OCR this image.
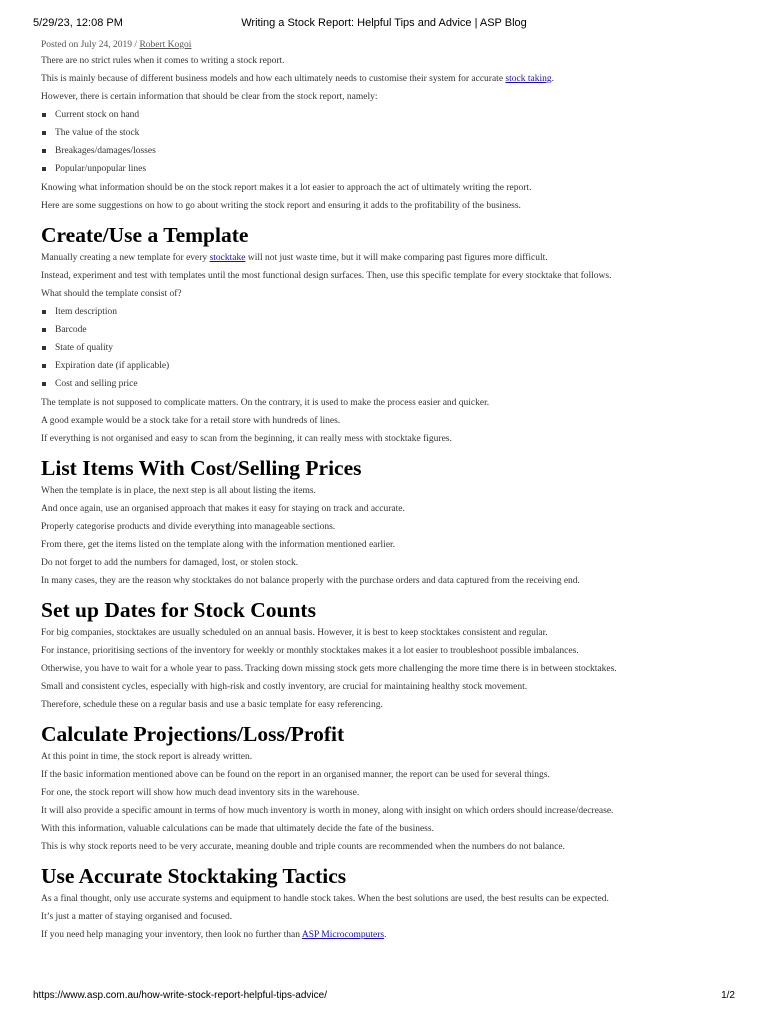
5/29/23, 12:08 PM	Writing a Stock Report: Helpful Tips and Advice | ASP Blog

Posted on July 24, 2019 / Robert Kogoi

There are no strict rules when it comes to writing a stock report.

This is mainly because of different business models and how each ultimately needs to customise their system for accurate stock taking.

However, there is certain information that should be clear from the stock report, namely:

Current stock on hand
The value of the stock
Breakages/damages/losses
Popular/unpopular lines

Knowing what information should be on the stock report makes it a lot easier to approach the act of ultimately writing the report.

Here are some suggestions on how to go about writing the stock report and ensuring it adds to the profitability of the business.

Create/Use a Template

Manually creating a new template for every stocktake will not just waste time, but it will make comparing past figures more difficult.

Instead, experiment and test with templates until the most functional design surfaces. Then, use this specific template for every stocktake that follows.

What should the template consist of?

Item description
Barcode
State of quality
Expiration date (if applicable)
Cost and selling price

The template is not supposed to complicate matters. On the contrary, it is used to make the process easier and quicker.

A good example would be a stock take for a retail store with hundreds of lines.

If everything is not organised and easy to scan from the beginning, it can really mess with stocktake figures.

List Items With Cost/Selling Prices

When the template is in place, the next step is all about listing the items.

And once again, use an organised approach that makes it easy for staying on track and accurate.

Properly categorise products and divide everything into manageable sections.

From there, get the items listed on the template along with the information mentioned earlier.

Do not forget to add the numbers for damaged, lost, or stolen stock.

In many cases, they are the reason why stocktakes do not balance properly with the purchase orders and data captured from the receiving end.

Set up Dates for Stock Counts

For big companies, stocktakes are usually scheduled on an annual basis. However, it is best to keep stocktakes consistent and regular.

For instance, prioritising sections of the inventory for weekly or monthly stocktakes makes it a lot easier to troubleshoot possible imbalances.

Otherwise, you have to wait for a whole year to pass. Tracking down missing stock gets more challenging the more time there is in between stocktakes.

Small and consistent cycles, especially with high-risk and costly inventory, are crucial for maintaining healthy stock movement.

Therefore, schedule these on a regular basis and use a basic template for easy referencing.

Calculate Projections/Loss/Profit

At this point in time, the stock report is already written.

If the basic information mentioned above can be found on the report in an organised manner, the report can be used for several things.

For one, the stock report will show how much dead inventory sits in the warehouse.

It will also provide a specific amount in terms of how much inventory is worth in money, along with insight on which orders should increase/decrease.

With this information, valuable calculations can be made that ultimately decide the fate of the business.

This is why stock reports need to be very accurate, meaning double and triple counts are recommended when the numbers do not balance.

Use Accurate Stocktaking Tactics

As a final thought, only use accurate systems and equipment to handle stock takes. When the best solutions are used, the best results can be expected.

It’s just a matter of staying organised and focused.

If you need help managing your inventory, then look no further than ASP Microcomputers.

https://www.asp.com.au/how-write-stock-report-helpful-tips-advice/	1/2
